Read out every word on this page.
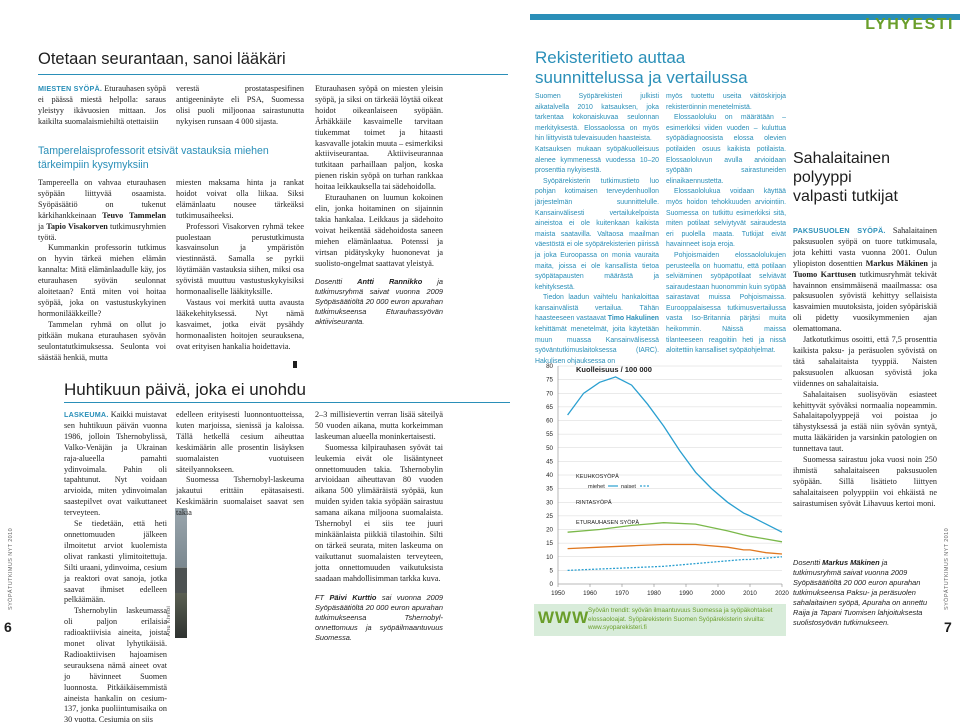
6
SYÖPÄTUTKIMUS NYT 2010
Otetaan seurantaan, sanoi lääkäri

MIESTEN SYÖPÄ. Eturauhasen syöpä ei päässä miestä helpolla: saraus yleistyy ikävuosien mittaan. Jos kaikilta suomalaismiehiltä otettaisiin

verestä prostataspesifinen antigeeninäyte eli PSA, Suomessa olisi puoli miljoonaa sairastunutta nykyisen runsaan 4 000 sijasta.

Eturauhasen syöpä on miesten yleisin syöpä, ja siksi on tärkeää löytää oikeat hoidot oikeanlaiseen syöpään. Ärhäkkäile kasvaimelle tarvitaan tiukemmat toimet ja hitaasti kasvavalle jotakin muuta – esimerkiksi aktiiviseurantaa. Aktiiviseurannaa tutkitaan parhaillaan paljon, koska pienen riskin syöpä on turhan rankkaa hoitaa leikkauksella tai sädehoidolla.

Eturauhanen on luumun kokoinen elin, jonka hoitaminen on sijainnin takia hankalaa. Leikkaus ja sädehoito voivat heikentää sädehoidosta saneen miehen elämänlaatua. Potenssi ja virtsan pidätyskyky huononevat ja suolisto-ongelmat saattavat yleistyä.

Dosentti Antti Rannikko ja tutkimusryhmä saivat vuonna 2009 Syöpäsäätiöltä 20 000 euron apurahan tutkimukseensa Eturauhassyövän aktiiviseuranta.

Tamperelaisprofessorit etsivät vastauksia miehen tärkeimpiin kysymyksiin

Tampereella on vahvaa eturauhasen syöpään liittyvää osaamista. Syöpäsäätiö on tukenut kärkihankkeinaan Teuvo Tammelan ja Tapio Visakorven tutkimusryhmien työtä.

Kummankin professorin tutkimus on hyvin tärkeä miehen elämän kannalta: Mitä elämänlaadulle käy, jos eturauhasen syövän seulonnat aloitetaan? Entä miten voi hoitaa syöpää, joka on vastustuskykyinen hormonilääkkeille?

Tammelan ryhmä on ollut jo pitkään mukana eturauhasen syövän seulontatutkimuksessa. Seulonta voi säästää henkiä, mutta

miesten maksama hinta ja rankat hoidot voivat olla liikaa. Siksi elämänlaatu nousee tärkeäksi tutkimusaiheeksi.

Professori Visakorven ryhmä tekee puolestaan perustutkimusta kasvainsolun ja ympäristön viestinnästä. Samalla se pyrkii löytämään vastauksia siihen, miksi osa syövistä muuttuu vastustuskykyisiksi hormonaaliselle lääkityksille.

Vastaus voi merkitä uutta avausta lääkekehityksessä. Nyt nämä kasvaimet, jotka eivät pysähdy hormonaalisten hoitojen seurauksena, ovat erityisen hankalia hoidettavia.

Huhtikuun päivä, joka ei unohdu
Anu Kiviloi

LASKEUMA. Kaikki muistavat sen huhtikuun päivän vuonna 1986, jolloin Tshernobylissä, Valko-Venäjän ja Ukrainan raja-alueella pamahti ydinvoimala. Pahin oli tapahtunut. Nyt voidaan arvioida, miten ydinvoimalan saastepilvet ovat vaikuttaneet terveyteen.

Se tiedetään, että heti onnettomuuden jälkeen ilmoitetut arviot kuolemista olivat rankasti ylimitoitettuja. Silti uraani, ydinvoima, cesium ja reaktori ovat sanoja, jotka saavat ihmiset edelleen pelkäämään.

Tshernobylin laskeumassa oli paljon erilaisia radioaktiivisia aineita, joista monet olivat lyhytikäisiä. Radioaktiivisen hajoamisen seurauksena nämä aineet ovat jo hävinneet Suomen luonnosta. Pitkäikäisemmistä aineista hankalin on cesium-137, jonka puoliintumisaika on 30 vuotta. Cesiumia on siis

edelleen erityisesti luonnontuotteissa, kuten marjoissa, sienissä ja kaloissa. Tällä hetkellä cesium aiheuttaa keskimäärin alle prosentin lisäyksen suomalaisten vuotuiseen säteilyannokseen.

Suomessa Tshernobyl-laskeuma jakautui erittäin epätasaisesti. Keskimäärin suomalaiset saavat sen takia

2–3 millisievertin verran lisää säteilyä 50 vuoden aikana, mutta korkeimman laskeuman alueella moninkertaisesti.

Suomessa kilpirauhasen syövät tai leukemia eivät ole lisääntyneet onnettomuuden takia. Tshernobylin arvioidaan aiheuttavan 80 vuoden aikana 500 ylimääräistä syöpää, kun muiden syiden takia syöpään sairastuu samana aikana miljoona suomalaista. Tshernobyl ei siis tee juuri minkäänlaista piikkiä tilastoihin. Silti on tärkeä seurata, miten laskeuma on vaikuttanut suomalaisten terveyteen, jotta onnettomuuden vaikutuksista saadaan mahdollisimman tarkka kuva.

FT Päivi Kurttio sai vuonna 2009 Syöpäsäätiöltä 20 000 euron apurahan tutkimukseensa Tshernobyl-onnettomuus ja syöpäilmaantuvuus Suomessa.

LYHYESTI
Rekisteritieto auttaa
suunnittelussa ja vertailussa

Suomen Syöpärekisteri julkisti aikatalvella 2010 katsauksen, joka tarkentaa kokonaiskuvaa seulonnan merkityksestä. Elossaolossa on myös hin liittyvistä tulevaisuuden haasteista.

Katsauksen mukaan syöpäkuolleisuus alenee kymmenessä vuodessa 10–20 prosenttia nykyisestä.

Syöpärekisterin tutkimustieto luo pohjan kotimaisen terveydenhuollon järjestelmän suunnittelulle. Kansainvälisesti vertailukelpoista aineistoa ei ole kuitenkaan kaikista maista saatavilla. Valtaosa maailman väestöstä ei ole syöpärekisterien piirissä ja joka Euroopassa on monia vauraita maita, joissa ei ole kansallista tietoa syöpätapausten määrästä ja kehityksestä.

Tiedon laadun vaihtelu hankaloittaa kansainvälistä vertailua. Tähän haasteeseen vastaavat Timo Hakulinen kehittämät menetelmät, joita käytetään muun muassa Kansainvälisessä syöväntutkimuslaitoksessa (IARC). Hakulisen ohjauksessa on

myös tuotettu useita väitöskirjoja rekisteröinnin menetelmistä.

Elossaololuku on määrätään – esimerkiksi viiden vuoden – kuluttua syöpädiagnoosista elossa olevien potilaiden osuus kaikista potilaista. Elossaololuvun avulla arvioidaan syöpään sairastuneiden elinaikaennustetta.

Elossaololukua voidaan käyttää myös hoidon tehokkuuden arviointiin. Suomessa on tutkittu esimerkiksi sitä, miten potilaat selviytyvät sairaudesta eri puolella maata. Tutkijat eivät havainneet isoja eroja.

Pohjoismaiden elossaololukujen perusteella on huomattu, että potilaan selviäminen syöpäpotilaat selviävät sairaudestaan huonommin kuin syöpää sairastavat muissa Pohjoismaissa. Eurooppalaisessa tutkimusvertailussa vasta Iso-Britannia pärjäsi muita heikommin. Näissä maissa tilanteeseen reagoitiin heti ja nissä aloitettiin kansalliset syöpäohjelmat.

0
5
10
15
20
25
30
35
40
45
50
55
60
65
70
75
80
1950	1960	1970	1980	1990	2000	2010	2020
Kuolleisuus / 100 000
KEUHKOSYÖPÄ
miehet	naiset
RINTASYÖPÄ
ETURAUHASEN SYÖPÄ
WWW
Syövän trendit: syövän ilmaantuvuus Suomessa ja syöpäkohtaiset elossaoloajat. Syöpärekisterin Suomen Syöpärekisterin sivuilta: www.syoparekisteri.fi
Sahalaitainen
polyyppi
valpasti tutkijat

PAKSUSUOLEN SYÖPÄ. Sahalaitainen paksusuolen syöpä on tuore tutkimusala, jota kehitti vasta vuonna 2001. Oulun yliopiston dosenttien Markus Mäkinen ja Tuomo Karttusen tutkimusryhmät tekivät havainnon ensimmäisenä maailmassa: osa paksusuolen syövistä kehittyy sellaisista kasvaimien muutoksista, joiden syöpäriskiä oli pidetty vuosikymmenien ajan olemattomana.

Jatkotutkimus osoitti, että 7,5 prosenttia kaikista paksu- ja peräsuolen syövistä on tätä sahalaitaista tyyppiä. Naisten paksusuolen alkuosan syövistä joka viidennes on sahalaitaisia.

Sahalaitaisen suolisyövän esiasteet kehittyvät syöväksi normaalia nopeammin. Sahalaitapolyyppejä voi poistaa jo tähystyksessä ja estää niin syövän syntyä, mutta lääkäriden ja varsinkin patologien on tunnettava taut.

Suomessa sairastuu joka vuosi noin 250 ihmistä sahalaitaiseen paksusuolen syöpään. Sillä lisätieto liittyen sahalaitaiseen polyyppiin voi ehkäistä ne sairastumisen syövät Lihavuus kertoi moni.

Dosentti Markus Mäkinen ja tutkimusryhmä saivat vuonna 2009 Syöpäsäätiöltä 20 000 euron apurahan tutkimukseensa Paksu- ja peräsuolen sahalaitainen syöpä, Apuraha on annettu Raija ja Tapani Tuomisen lahjoituksesta suolistosyövän tutkimukseen.
SYÖPÄTUTKIMUS NYT 2010
7
